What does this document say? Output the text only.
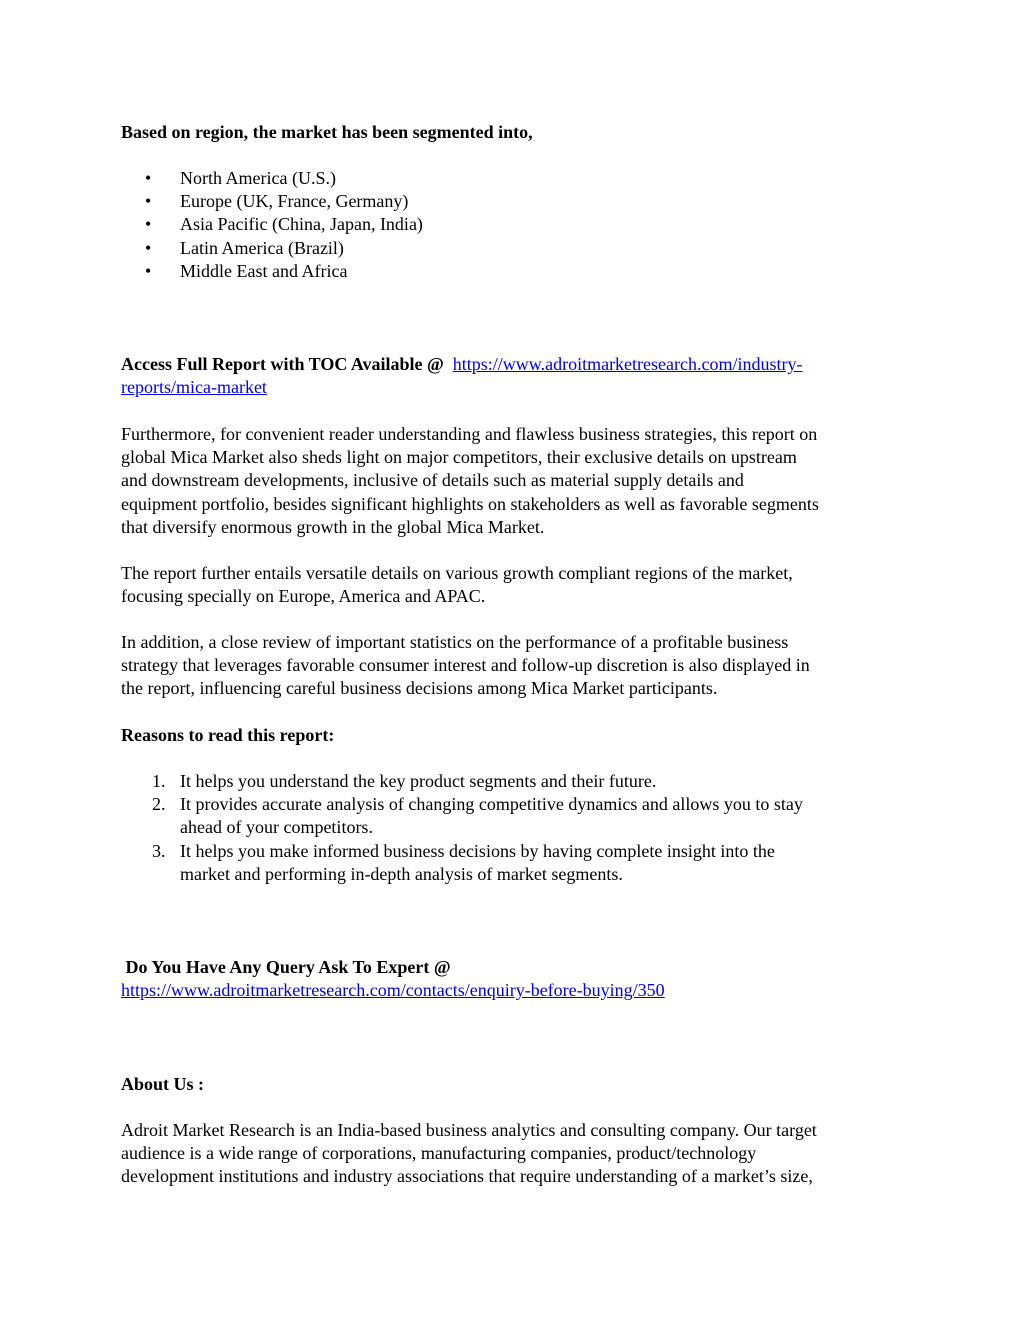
Based on region, the market has been segmented into,

• North America (U.S.)
• Europe (UK, France, Germany)
• Asia Pacific (China, Japan, India)
• Latin America (Brazil)
• Middle East and Africa
Access Full Report with TOC Available @ https://www.adroitmarketresearch.com/industry-
reports/mica-market
Furthermore, for convenient reader understanding and flawless business strategies, this report on
global Mica Market also sheds light on major competitors, their exclusive details on upstream
and downstream developments, inclusive of details such as material supply details and
equipment portfolio, besides significant highlights on stakeholders as well as favorable segments
that diversify enormous growth in the global Mica Market.
The report further entails versatile details on various growth compliant regions of the market,
focusing specially on Europe, America and APAC.
In addition, a close review of important statistics on the performance of a profitable business
strategy that leverages favorable consumer interest and follow-up discretion is also displayed in
the report, influencing careful business decisions among Mica Market participants.

Reasons to read this report:

1. It helps you understand the key product segments and their future.
2. It provides accurate analysis of changing competitive dynamics and allows you to stay
ahead of your competitors.
3. It helps you make informed business decisions by having complete insight into the
market and performing in-depth analysis of market segments.
Do You Have Any Query Ask To Expert @
https://www.adroitmarketresearch.com/contacts/enquiry-before-buying/350

About Us :

Adroit Market Research is an India-based business analytics and consulting company. Our target
audience is a wide range of corporations, manufacturing companies, product/technology
development institutions and industry associations that require understanding of a market’s size,
